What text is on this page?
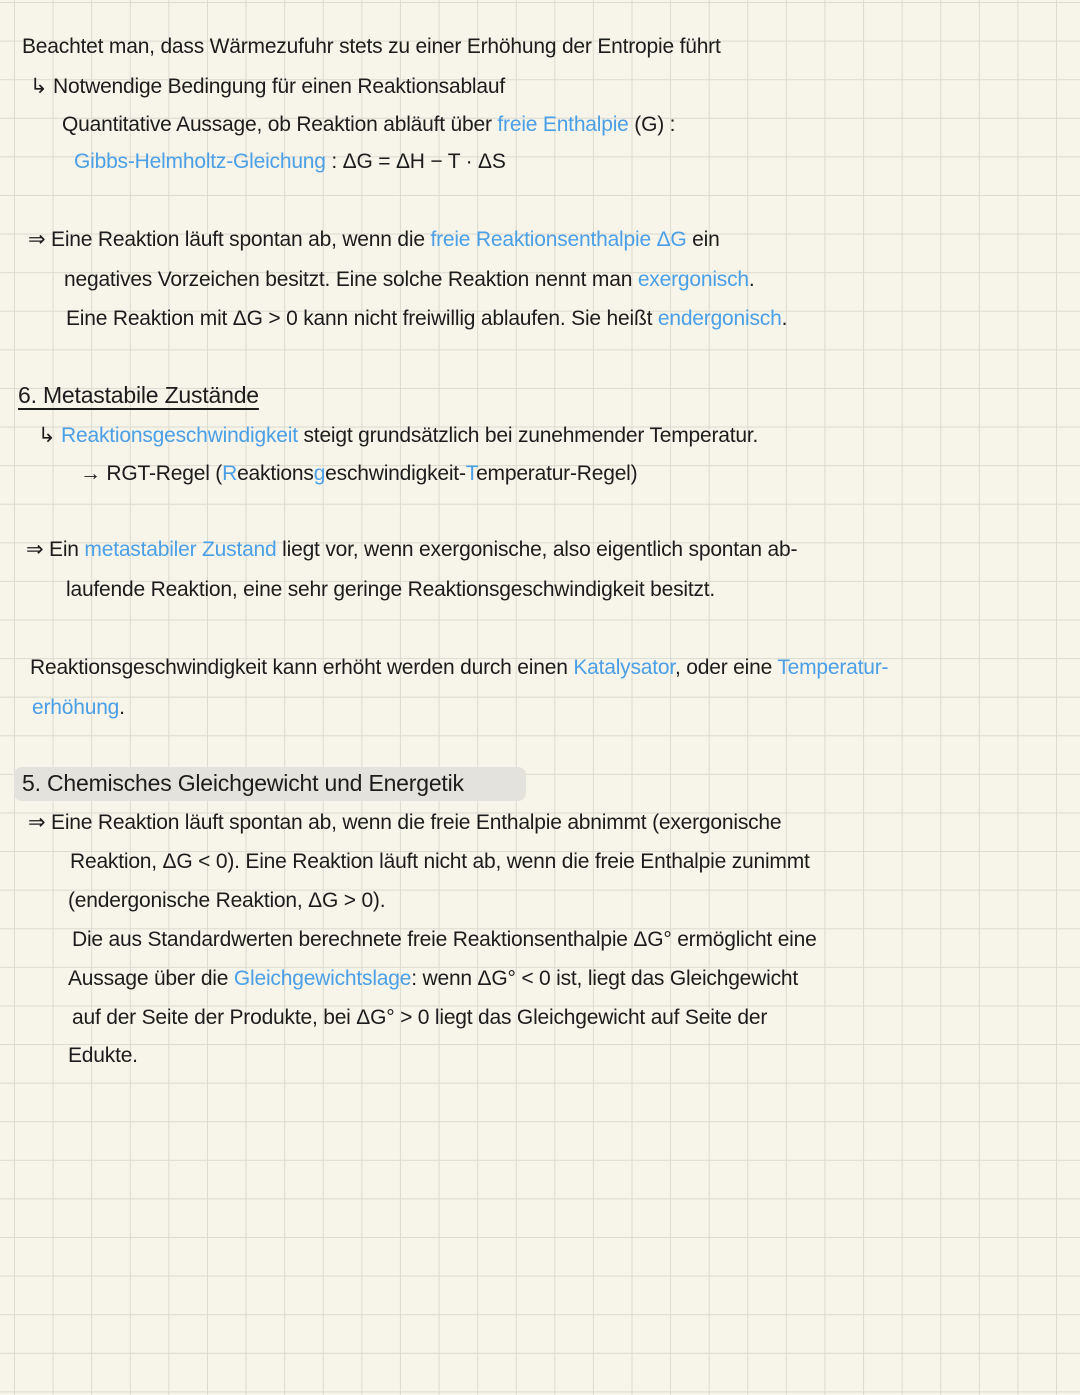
Beachtet man, dass Wärmezufuhr stets zu einer Erhöhung der Entropie führt
↳ Notwendige Bedingung für einen Reaktionsablauf
Quantitative Aussage, ob Reaktion abläuft über freie Enthalpie (G) :
Gibbs-Helmholtz-Gleichung : ΔG = ΔH − T · ΔS
⇒ Eine Reaktion läuft spontan ab, wenn die freie Reaktionsenthalpie ΔG ein
negatives Vorzeichen besitzt. Eine solche Reaktion nennt man exergonisch.
Eine Reaktion mit ΔG > 0 kann nicht freiwillig ablaufen. Sie heißt endergonisch.
6. Metastabile Zustände
↳ Reaktionsgeschwindigkeit steigt grundsätzlich bei zunehmender Temperatur.
→ RGT-Regel (Reaktionsgeschwindigkeit-Temperatur-Regel)
⇒ Ein metastabiler Zustand liegt vor, wenn exergonische, also eigentlich spontan ab-
laufende Reaktion, eine sehr geringe Reaktionsgeschwindigkeit besitzt.
Reaktionsgeschwindigkeit kann erhöht werden durch einen Katalysator, oder eine Temperatur-
erhöhung.
5. Chemisches Gleichgewicht und Energetik
⇒ Eine Reaktion läuft spontan ab, wenn die freie Enthalpie abnimmt (exergonische
Reaktion, ΔG < 0). Eine Reaktion läuft nicht ab, wenn die freie Enthalpie zunimmt
(endergonische Reaktion, ΔG > 0).
Die aus Standardwerten berechnete freie Reaktionsenthalpie ΔG° ermöglicht eine
Aussage über die Gleichgewichtslage: wenn ΔG° < 0 ist, liegt das Gleichgewicht
auf der Seite der Produkte, bei ΔG° > 0 liegt das Gleichgewicht auf Seite der
Edukte.
